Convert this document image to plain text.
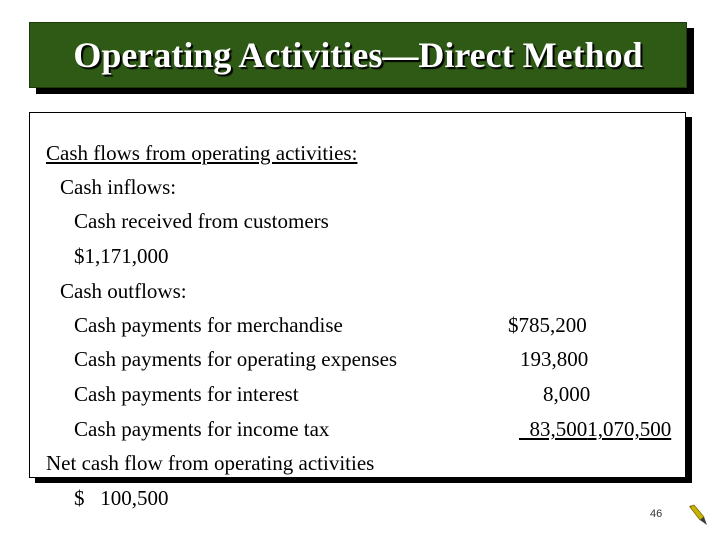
Operating Activities—Direct Method
Cash flows from operating activities:
Cash inflows:
Cash received from customers
$1,171,000
Cash outflows:
Cash payments for merchandise
Cash payments for operating expenses
Cash payments for interest
Cash payments for income tax
$785,200
193,800
8,000
83,5001,070,500
Net cash flow from operating activities
$ 100,500
46
